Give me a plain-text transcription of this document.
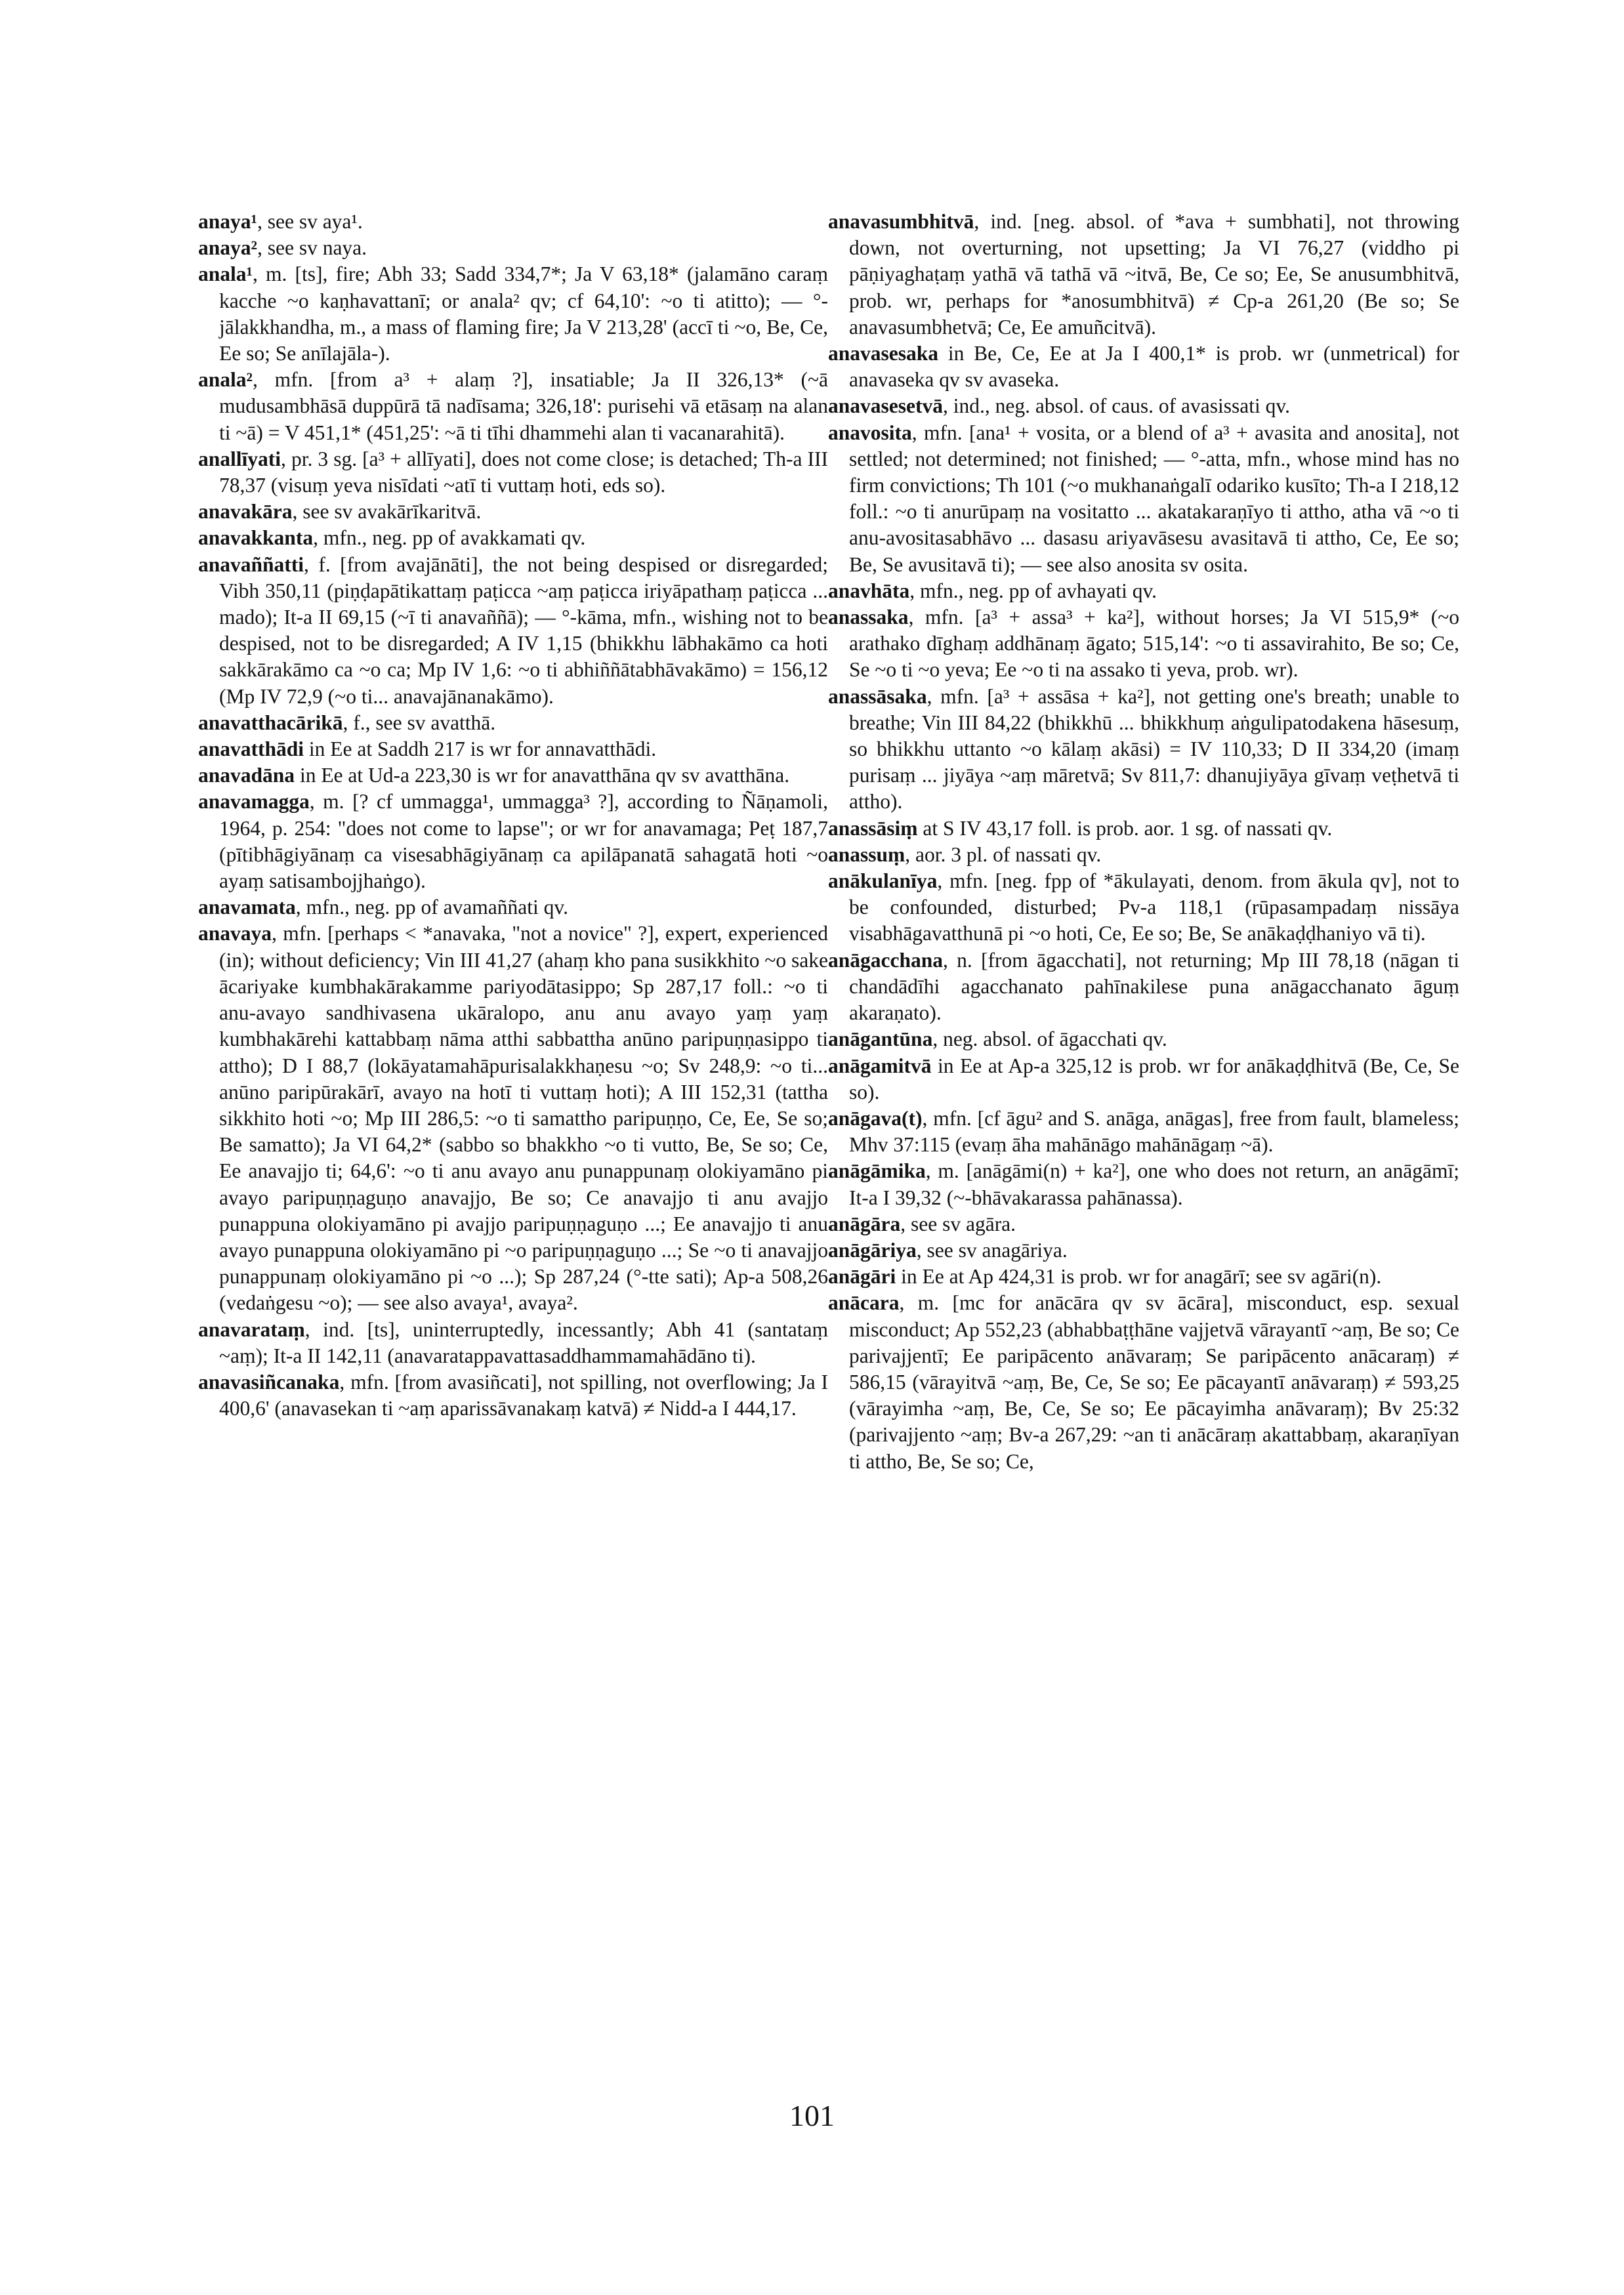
anaya¹, see sv aya¹.

anaya², see sv naya.

anala¹, m. [ts], fire; Abh 33; Sadd 334,7*; Ja V 63,18* (jalamāno caraṃ kacche ~o kaṇhavattanī; or anala² qv; cf 64,10': ~o ti atitto); — °-jālakkhandha, m., a mass of flaming fire; Ja V 213,28' (accī ti ~o, Be, Ce, Ee so; Se anīlajāla-).

anala², mfn. [from a³ + alaṃ ?], insatiable; Ja II 326,13* (~ā mudusambhāsā duppūrā tā nadīsama; 326,18': purisehi vā etāsaṃ na alan ti ~ā) = V 451,1* (451,25': ~ā ti tīhi dhammehi alan ti vacanarahitā).

anallīyati, pr. 3 sg. [a³ + allīyati], does not come close; is detached; Th-a III 78,37 (visuṃ yeva nisīdati ~atī ti vuttaṃ hoti, eds so).

anavakāra, see sv avakārīkaritvā.

anavakkanta, mfn., neg. pp of avakkamati qv.

anavaññatti, f. [from avajānāti], the not being despised or disregarded; Vibh 350,11 (piṇḍapātikattaṃ paṭicca ~aṃ paṭicca iriyāpathaṃ paṭicca ... mado); It-a II 69,15 (~ī ti anavaññā); — °-kāma, mfn., wishing not to be despised, not to be disregarded; A IV 1,15 (bhikkhu lābhakāmo ca hoti sakkārakāmo ca ~o ca; Mp IV 1,6: ~o ti abhiññātabhāvakāmo) = 156,12 (Mp IV 72,9 (~o ti... anavajānanakāmo).

anavatthacārikā, f., see sv avatthā.

anavatthādi in Ee at Saddh 217 is wr for annavatthādi.

anavadāna in Ee at Ud-a 223,30 is wr for anavatthāna qv sv avatthāna.

anavamagga, m. [? cf ummagga¹, ummagga³ ?], according to Ñāṇamoli, 1964, p. 254: "does not come to lapse"; or wr for anavamaga; Peṭ 187,7 (pītibhāgiyānaṃ ca visesabhāgiyānaṃ ca apilāpanatā sahagatā hoti ~o ayaṃ satisambojjhaṅgo).

anavamata, mfn., neg. pp of avamaññati qv.

anavaya, mfn. [perhaps < *anavaka, "not a novice" ?], expert, experienced (in); without deficiency; Vin III 41,27 (ahaṃ kho pana susikkhito ~o sake ācariyake kumbhakārakamme pariyodātasippo; Sp 287,17 foll.: ~o ti anu-avayo sandhivasena ukāralopo, anu anu avayo yaṃ yaṃ kumbhakārehi kattabbaṃ nāma atthi sabbattha anūno paripuṇṇasippo ti attho); D I 88,7 (lokāyatamahāpurisalakkhaṇesu ~o; Sv 248,9: ~o ti... anūno paripūrakārī, avayo na hotī ti vuttaṃ hoti); A III 152,31 (tattha sikkhito hoti ~o; Mp III 286,5: ~o ti samattho paripuṇṇo, Ce, Ee, Se so; Be samatto); Ja VI 64,2* (sabbo so bhakkho ~o ti vutto, Be, Se so; Ce, Ee anavajjo ti; 64,6': ~o ti anu avayo anu punappunaṃ olokiyamāno pi avayo paripuṇṇaguṇo anavajjo, Be so; Ce anavajjo ti anu avajjo punappuna olokiyamāno pi avajjo paripuṇṇaguṇo ...; Ee anavajjo ti anu avayo punappuna olokiyamāno pi ~o paripuṇṇaguṇo ...; Se ~o ti anavajjo punappunaṃ olokiyamāno pi ~o ...); Sp 287,24 (°-tte sati); Ap-a 508,26 (vedaṅgesu ~o); — see also avaya¹, avaya².

anavarataṃ, ind. [ts], uninterruptedly, incessantly; Abh 41 (santataṃ ~aṃ); It-a II 142,11 (anavaratappavattasaddhammamahādāno ti).

anavasiñcanaka, mfn. [from avasiñcati], not spilling, not overflowing; Ja I 400,6' (anavasekan ti ~aṃ aparissāvanakaṃ katvā) ≠ Nidd-a I 444,17.

anavasumbhitvā, ind. [neg. absol. of *ava + sumbhati], not throwing down, not overturning, not upsetting; Ja VI 76,27 (viddho pi pāṇiyaghaṭaṃ yathā vā tathā vā ~itvā, Be, Ce so; Ee, Se anusumbhitvā, prob. wr, perhaps for *anosumbhitvā) ≠ Cp-a 261,20 (Be so; Se anavasumbhetvā; Ce, Ee amuñcitvā).

anavasesaka in Be, Ce, Ee at Ja I 400,1* is prob. wr (unmetrical) for anavaseka qv sv avaseka.

anavasesetvā, ind., neg. absol. of caus. of avasissati qv.

anavosita, mfn. [ana¹ + vosita, or a blend of a³ + avasita and anosita], not settled; not determined; not finished; — °-atta, mfn., whose mind has no firm convictions; Th 101 (~o mukhanaṅgalī odariko kusīto; Th-a I 218,12 foll.: ~o ti anurūpaṃ na vositatto ... akatakaraṇīyo ti attho, atha vā ~o ti anu-avositasabhāvo ... dasasu ariyavāsesu avasitavā ti attho, Ce, Ee so; Be, Se avusitavā ti); — see also anosita sv osita.

anavhāta, mfn., neg. pp of avhayati qv.

anassaka, mfn. [a³ + assa³ + ka²], without horses; Ja VI 515,9* (~o arathako dīghaṃ addhānaṃ āgato; 515,14': ~o ti assavirahito, Be so; Ce, Se ~o ti ~o yeva; Ee ~o ti na assako ti yeva, prob. wr).

anassāsaka, mfn. [a³ + assāsa + ka²], not getting one's breath; unable to breathe; Vin III 84,22 (bhikkhū ... bhikkhuṃ aṅgulipatodakena hāsesuṃ, so bhikkhu uttanto ~o kālaṃ akāsi) = IV 110,33; D II 334,20 (imaṃ purisaṃ ... jiyāya ~aṃ māretvā; Sv 811,7: dhanujiyāya gīvaṃ veṭhetvā ti attho).

anassāsiṃ at S IV 43,17 foll. is prob. aor. 1 sg. of nassati qv.

anassuṃ, aor. 3 pl. of nassati qv.

anākulanīya, mfn. [neg. fpp of *ākulayati, denom. from ākula qv], not to be confounded, disturbed; Pv-a 118,1 (rūpasampadaṃ nissāya visabhāgavatthunā pi ~o hoti, Ce, Ee so; Be, Se anākaḍḍhaniyo vā ti).

anāgacchana, n. [from āgacchati], not returning; Mp III 78,18 (nāgan ti chandādīhi agacchanato pahīnakilese puna anāgacchanato āguṃ akaraṇato).

anāgantūna, neg. absol. of āgacchati qv.

anāgamitvā in Ee at Ap-a 325,12 is prob. wr for anākaḍḍhitvā (Be, Ce, Se so).

anāgava(t), mfn. [cf āgu² and S. anāga, anāgas], free from fault, blameless; Mhv 37:115 (evaṃ āha mahānāgo mahānāgaṃ ~ā).

anāgāmika, m. [anāgāmi(n) + ka²], one who does not return, an anāgāmī; It-a I 39,32 (~-bhāvakarassa pahānassa).

anāgāra, see sv agāra.

anāgāriya, see sv anagāriya.

anāgāri in Ee at Ap 424,31 is prob. wr for anagārī; see sv agāri(n).

anācara, m. [mc for anācāra qv sv ācāra], misconduct, esp. sexual misconduct; Ap 552,23 (abhabbaṭṭhāne vajjetvā vārayantī ~aṃ, Be so; Ce parivajjentī; Ee paripācento anāvaraṃ; Se paripācento anācaraṃ) ≠ 586,15 (vārayitvā ~aṃ, Be, Ce, Se so; Ee pācayantī anāvaraṃ) ≠ 593,25 (vārayimha ~aṃ, Be, Ce, Se so; Ee pācayimha anāvaraṃ); Bv 25:32 (parivajjento ~aṃ; Bv-a 267,29: ~an ti anācāraṃ akattabbaṃ, akaraṇīyan ti attho, Be, Se so; Ce,

101
